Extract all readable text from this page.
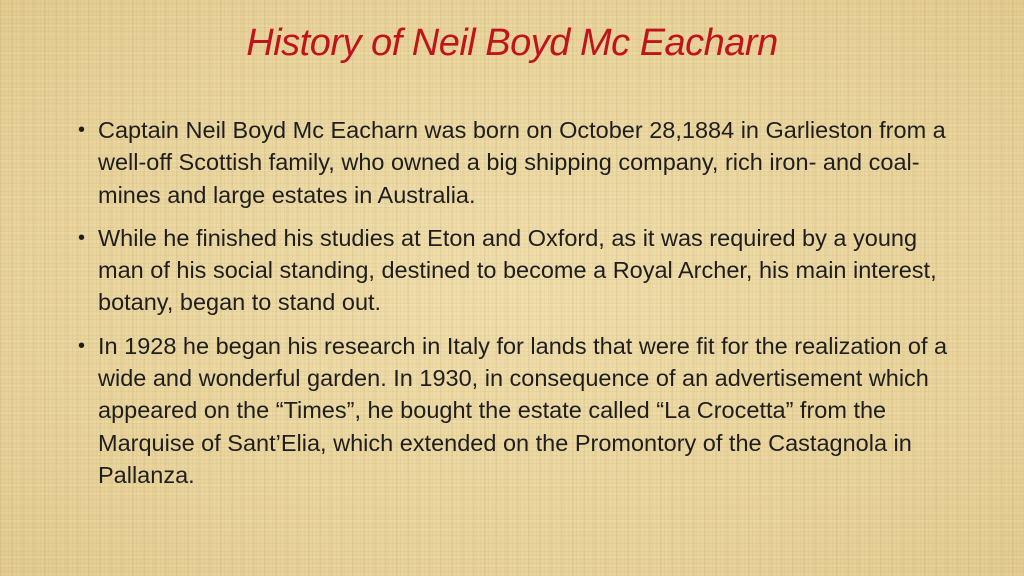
History of Neil Boyd Mc Eacharn
• Captain Neil Boyd Mc Eacharn was born on October 28,1884 in Garlieston from a well-off Scottish family, who owned a big shipping company, rich iron- and coal- mines and large estates in Australia.
• While he finished his studies at Eton and Oxford, as it was required by a young man of his social standing, destined to become a Royal Archer, his main interest, botany, began to stand out.
• In 1928 he began his research in Italy for lands that were fit for the realization of a wide and wonderful garden. In 1930, in consequence of an advertisement which appeared on the “Times”, he bought the estate called “La Crocetta” from the Marquise of Sant’Elia, which extended on the Promontory of the Castagnola in Pallanza.
